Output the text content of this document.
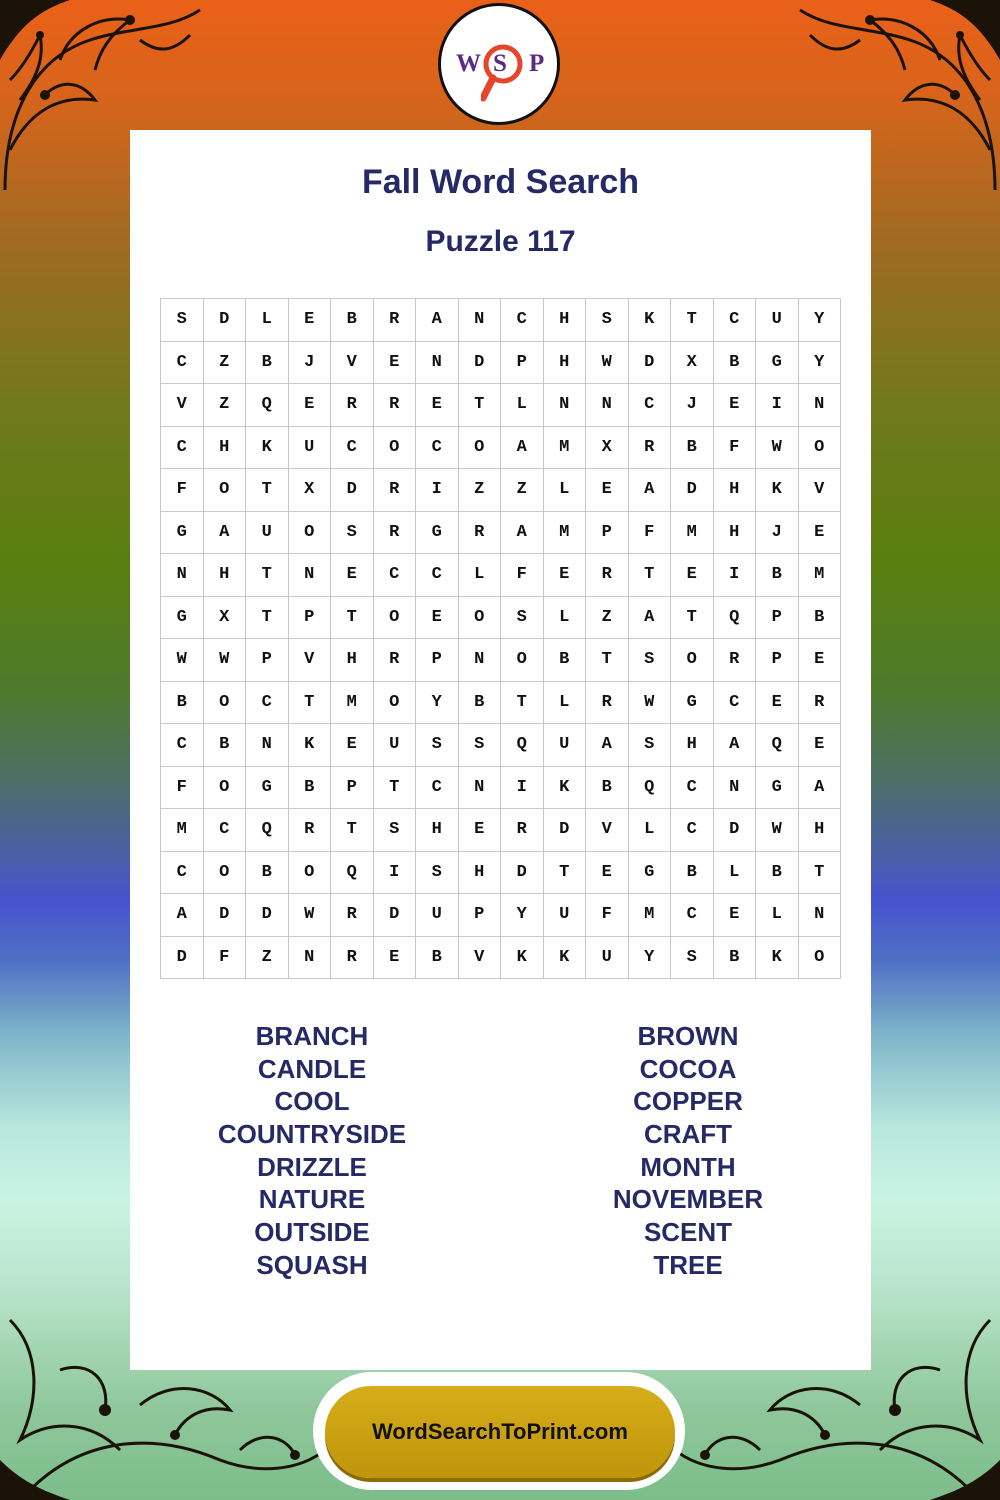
W S P
S	D	L	E	B	R	A	N	C	H	S	K	T	C	U	Y
C	Z	B	J	V	E	N	D	P	H	W	D	X	B	G	Y
V	Z	Q	E	R	R	E	T	L	N	N	C	J	E	I	N
C	H	K	U	C	O	C	O	A	M	X	R	B	F	W	O
F	O	T	X	D	R	I	Z	Z	L	E	A	D	H	K	V
G	A	U	O	S	R	G	R	A	M	P	F	M	H	J	E
N	H	T	N	E	C	C	L	F	E	R	T	E	I	B	M
G	X	T	P	T	O	E	O	S	L	Z	A	T	Q	P	B
W	W	P	V	H	R	P	N	O	B	T	S	O	R	P	E
B	O	C	T	M	O	Y	B	T	L	R	W	G	C	E	R
C	B	N	K	E	U	S	S	Q	U	A	S	H	A	Q	E
F	O	G	B	P	T	C	N	I	K	B	Q	C	N	G	A
M	C	Q	R	T	S	H	E	R	D	V	L	C	D	W	H
C	O	B	O	Q	I	S	H	D	T	E	G	B	L	B	T
A	D	D	W	R	D	U	P	Y	U	F	M	C	E	L	N
D	F	Z	N	R	E	B	V	K	K	U	Y	S	B	K	O
BRANCH
CANDLE
COOL
COUNTRYSIDE
DRIZZLE
NATURE
OUTSIDE
SQUASH
BROWN
COCOA
COPPER
CRAFT
MONTH
NOVEMBER
SCENT
TREE
Fall Word Search
Puzzle 117
WordSearchToPrint.com
